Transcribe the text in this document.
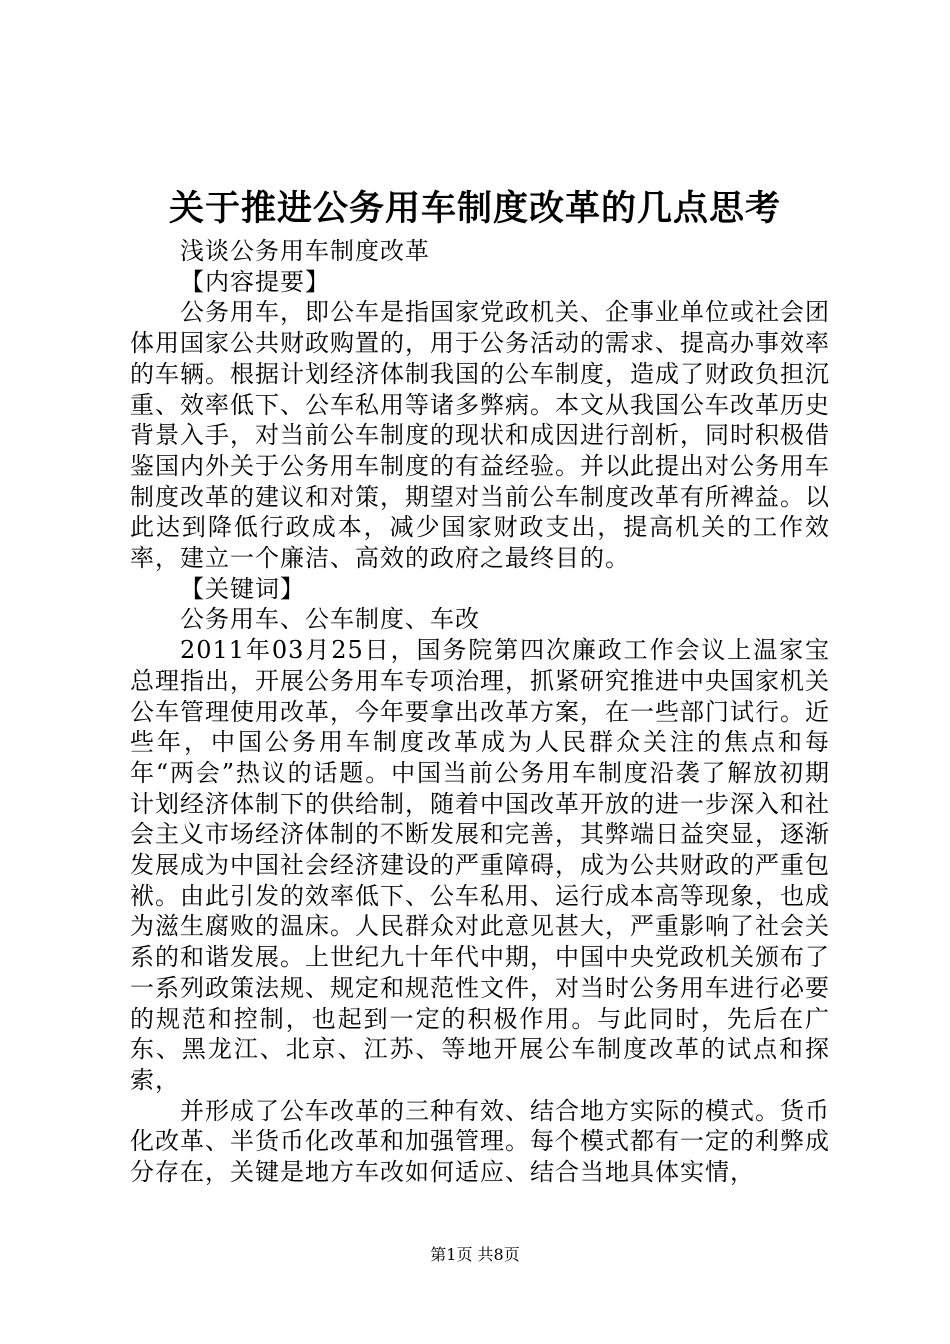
关于推进公务用车制度改革的几点思考

浅谈公务用车制度改革

【内容提要】

公务用车，即公车是指国家党政机关、企事业单位或社会团体用国家公共财政购置的，用于公务活动的需求、提高办事效率的车辆。根据计划经济体制我国的公车制度，造成了财政负担沉重、效率低下、公车私用等诸多弊病。本文从我国公车改革历史背景入手，对当前公车制度的现状和成因进行剖析，同时积极借鉴国内外关于公务用车制度的有益经验。并以此提出对公务用车制度改革的建议和对策，期望对当前公车制度改革有所裨益。以此达到降低行政成本，减少国家财政支出，提高机关的工作效率，建立一个廉洁、高效的政府之最终目的。

【关键词】

公务用车、公车制度、车改

2011年03月25日，国务院第四次廉政工作会议上温家宝总理指出，开展公务用车专项治理，抓紧研究推进中央国家机关公车管理使用改革，今年要拿出改革方案，在一些部门试行。近些年，中国公务用车制度改革成为人民群众关注的焦点和每年“两会”热议的话题。中国当前公务用车制度沿袭了解放初期计划经济体制下的供给制，随着中国改革开放的进一步深入和社会主义市场经济体制的不断发展和完善，其弊端日益突显，逐渐发展成为中国社会经济建设的严重障碍，成为公共财政的严重包袱。由此引发的效率低下、公车私用、运行成本高等现象，也成为滋生腐败的温床。人民群众对此意见甚大，严重影响了社会关系的和谐发展。上世纪九十年代中期，中国中央党政机关颁布了一系列政策法规、规定和规范性文件，对当时公务用车进行必要的规范和控制，也起到一定的积极作用。与此同时，先后在广东、黑龙江、北京、江苏、等地开展公车制度改革的试点和探索，

并形成了公车改革的三种有效、结合地方实际的模式。货币化改革、半货币化改革和加强管理。每个模式都有一定的利弊成分存在，关键是地方车改如何适应、结合当地具体实情，

第1页 共8页
